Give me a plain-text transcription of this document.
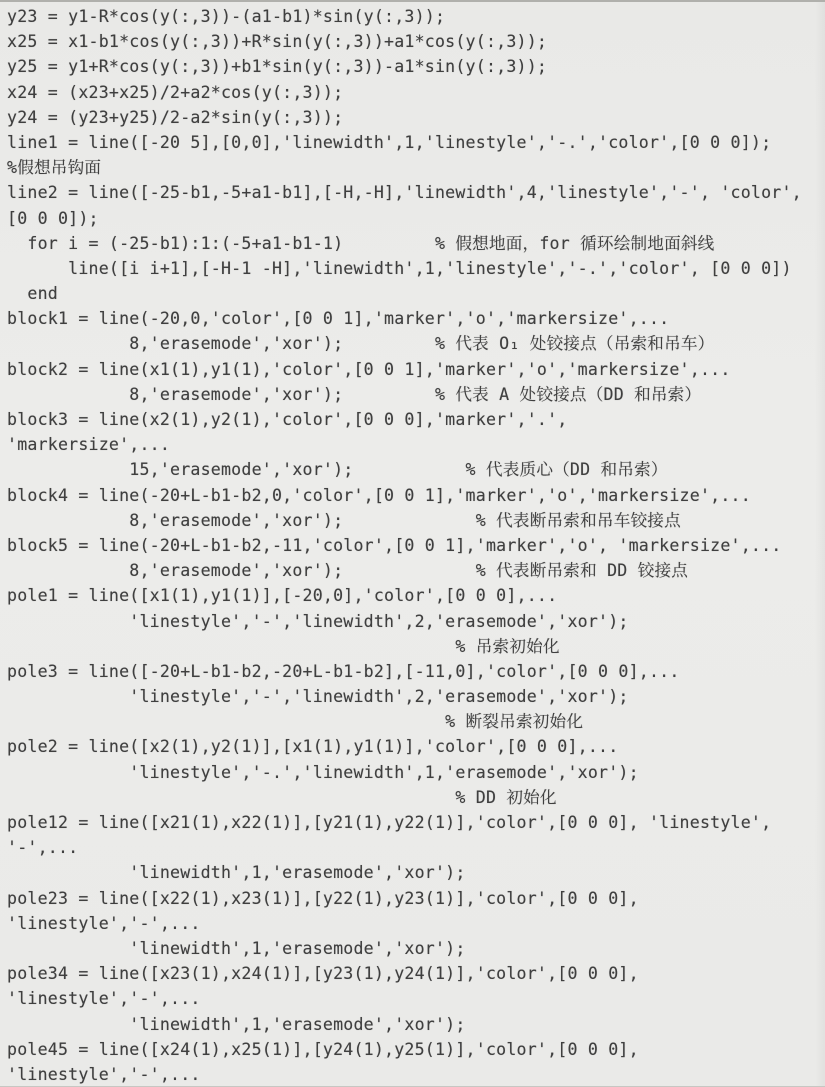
y23 = y1-R*cos(y(:,3))-(a1-b1)*sin(y(:,3));
x25 = x1-b1*cos(y(:,3))+R*sin(y(:,3))+a1*cos(y(:,3));
y25 = y1+R*cos(y(:,3))+b1*sin(y(:,3))-a1*sin(y(:,3));
x24 = (x23+x25)/2+a2*cos(y(:,3));
y24 = (y23+y25)/2-a2*sin(y(:,3));
line1 = line([-20 5],[0,0],'linewidth',1,'linestyle','-.','color',[0 0 0]);
%假想吊钩面
line2 = line([-25-b1,-5+a1-b1],[-H,-H],'linewidth',4,'linestyle','-', 'color',
[0 0 0]);
for i = (-25-b1):1:(-5+a1-b1-1)         % 假想地面，for 循环绘制地面斜线
line([i i+1],[-H-1 -H],'linewidth',1,'linestyle','-.','color', [0 0 0])
end
block1 = line(-20,0,'color',[0 0 1],'marker','o','markersize',...
8,'erasemode','xor');         % 代表 O₁ 处铰接点（吊索和吊车）
block2 = line(x1(1),y1(1),'color',[0 0 1],'marker','o','markersize',...
8,'erasemode','xor');         % 代表 A 处铰接点（DD 和吊索）
block3 = line(x2(1),y2(1),'color',[0 0 0],'marker','.',
'markersize',...
15,'erasemode','xor');           % 代表质心（DD 和吊索）
block4 = line(-20+L-b1-b2,0,'color',[0 0 1],'marker','o','markersize',...
8,'erasemode','xor');             % 代表断吊索和吊车铰接点
block5 = line(-20+L-b1-b2,-11,'color',[0 0 1],'marker','o', 'markersize',...
8,'erasemode','xor');             % 代表断吊索和 DD 铰接点
pole1 = line([x1(1),y1(1)],[-20,0],'color',[0 0 0],...
'linestyle','-','linewidth',2,'erasemode','xor');
% 吊索初始化
pole3 = line([-20+L-b1-b2,-20+L-b1-b2],[-11,0],'color',[0 0 0],...
'linestyle','-','linewidth',2,'erasemode','xor');
% 断裂吊索初始化
pole2 = line([x2(1),y2(1)],[x1(1),y1(1)],'color',[0 0 0],...
'linestyle','-.','linewidth',1,'erasemode','xor');
% DD 初始化
pole12 = line([x21(1),x22(1)],[y21(1),y22(1)],'color',[0 0 0], 'linestyle',
'-',...
'linewidth',1,'erasemode','xor');
pole23 = line([x22(1),x23(1)],[y22(1),y23(1)],'color',[0 0 0],
'linestyle','-',...
'linewidth',1,'erasemode','xor');
pole34 = line([x23(1),x24(1)],[y23(1),y24(1)],'color',[0 0 0],
'linestyle','-',...
'linewidth',1,'erasemode','xor');
pole45 = line([x24(1),x25(1)],[y24(1),y25(1)],'color',[0 0 0],
'linestyle','-',...
